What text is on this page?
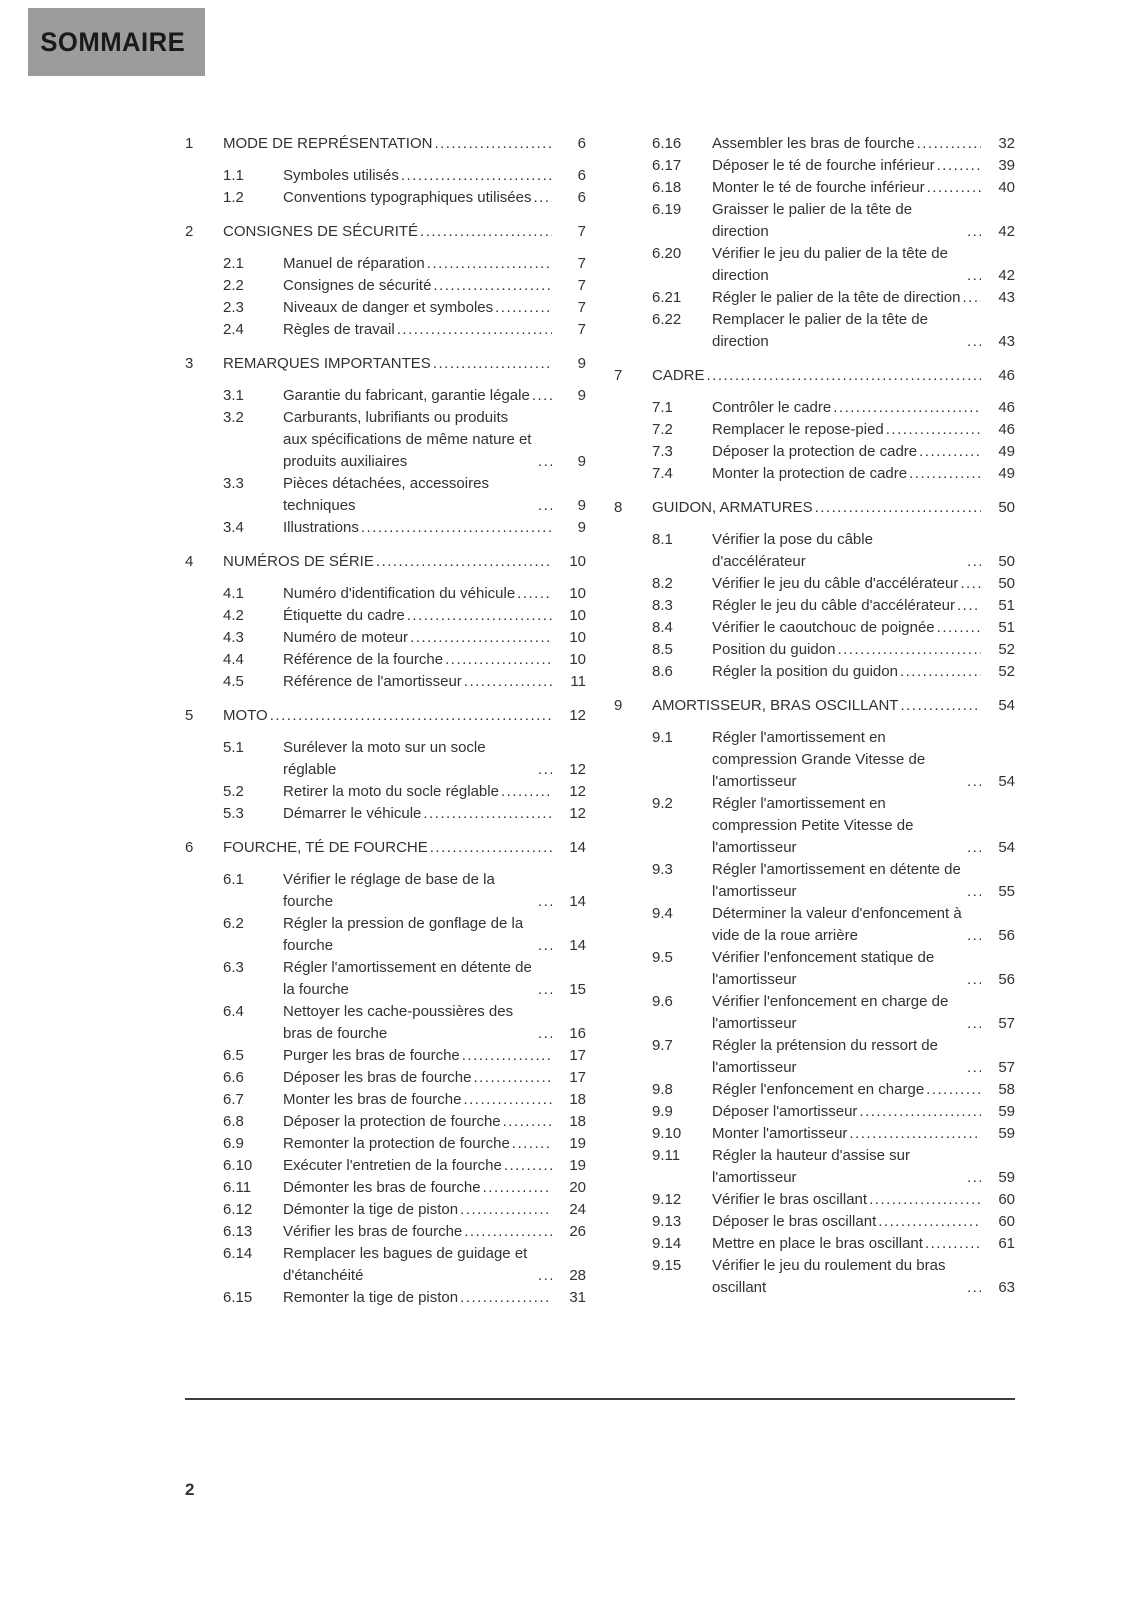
SOMMAIRE
1	MODE DE REPRÉSENTATION .....	6
1.1	Symboles utilisés .....	6
1.2	Conventions typographiques utilisées .....	6
2	CONSIGNES DE SÉCURITÉ .....	7
2.1	Manuel de réparation .....	7
2.2	Consignes de sécurité .....	7
2.3	Niveaux de danger et symboles .....	7
2.4	Règles de travail .....	7
3	REMARQUES IMPORTANTES .....	9
3.1	Garantie du fabricant, garantie légale .....	9
3.2	Carburants, lubrifiants ou produits aux spécifications de même nature et produits auxiliaires .....	9
3.3	Pièces détachées, accessoires techniques .....	9
3.4	Illustrations .....	9
4	NUMÉROS DE SÉRIE .....	10
4.1	Numéro d'identification du véhicule .....	10
4.2	Étiquette du cadre .....	10
4.3	Numéro de moteur .....	10
4.4	Référence de la fourche .....	10
4.5	Référence de l'amortisseur .....	11
5	MOTO .....	12
5.1	Surélever la moto sur un socle réglable .....	12
5.2	Retirer la moto du socle réglable .....	12
5.3	Démarrer le véhicule .....	12
6	FOURCHE, TÉ DE FOURCHE .....	14
6.1	Vérifier le réglage de base de la fourche .....	14
6.2	Régler la pression de gonflage de la fourche .....	14
6.3	Régler l'amortissement en détente de la fourche .....	15
6.4	Nettoyer les cache-poussières des bras de fourche .....	16
6.5	Purger les bras de fourche .....	17
6.6	Déposer les bras de fourche .....	17
6.7	Monter les bras de fourche .....	18
6.8	Déposer la protection de fourche .....	18
6.9	Remonter la protection de fourche .....	19
6.10	Exécuter l'entretien de la fourche .....	19
6.11	Démonter les bras de fourche .....	20
6.12	Démonter la tige de piston .....	24
6.13	Vérifier les bras de fourche .....	26
6.14	Remplacer les bagues de guidage et d'étanchéité .....	28
6.15	Remonter la tige de piston .....	31
6.16	Assembler les bras de fourche .....	32
6.17	Déposer le té de fourche inférieur .....	39
6.18	Monter le té de fourche inférieur .....	40
6.19	Graisser le palier de la tête de direction .....	42
6.20	Vérifier le jeu du palier de la tête de direction .....	42
6.21	Régler le palier de la tête de direction .....	43
6.22	Remplacer le palier de la tête de direction .....	43
7	CADRE .....	46
7.1	Contrôler le cadre .....	46
7.2	Remplacer le repose-pied .....	46
7.3	Déposer la protection de cadre .....	49
7.4	Monter la protection de cadre .....	49
8	GUIDON, ARMATURES .....	50
8.1	Vérifier la pose du câble d'accélérateur .....	50
8.2	Vérifier le jeu du câble d'accélérateur .....	50
8.3	Régler le jeu du câble d'accélérateur .....	51
8.4	Vérifier le caoutchouc de poignée .....	51
8.5	Position du guidon .....	52
8.6	Régler la position du guidon .....	52
9	AMORTISSEUR, BRAS OSCILLANT .....	54
9.1	Régler l'amortissement en compression Grande Vitesse de l'amortisseur .....	54
9.2	Régler l'amortissement en compression Petite Vitesse de l'amortisseur .....	54
9.3	Régler l'amortissement en détente de l'amortisseur .....	55
9.4	Déterminer la valeur d'enfoncement à vide de la roue arrière .....	56
9.5	Vérifier l'enfoncement statique de l'amortisseur .....	56
9.6	Vérifier l'enfoncement en charge de l'amortisseur .....	57
9.7	Régler la prétension du ressort de l'amortisseur .....	57
9.8	Régler l'enfoncement en charge .....	58
9.9	Déposer l'amortisseur .....	59
9.10	Monter l'amortisseur .....	59
9.11	Régler la hauteur d'assise sur l'amortisseur .....	59
9.12	Vérifier le bras oscillant .....	60
9.13	Déposer le bras oscillant .....	60
9.14	Mettre en place le bras oscillant .....	61
9.15	Vérifier le jeu du roulement du bras oscillant .....	63
2
